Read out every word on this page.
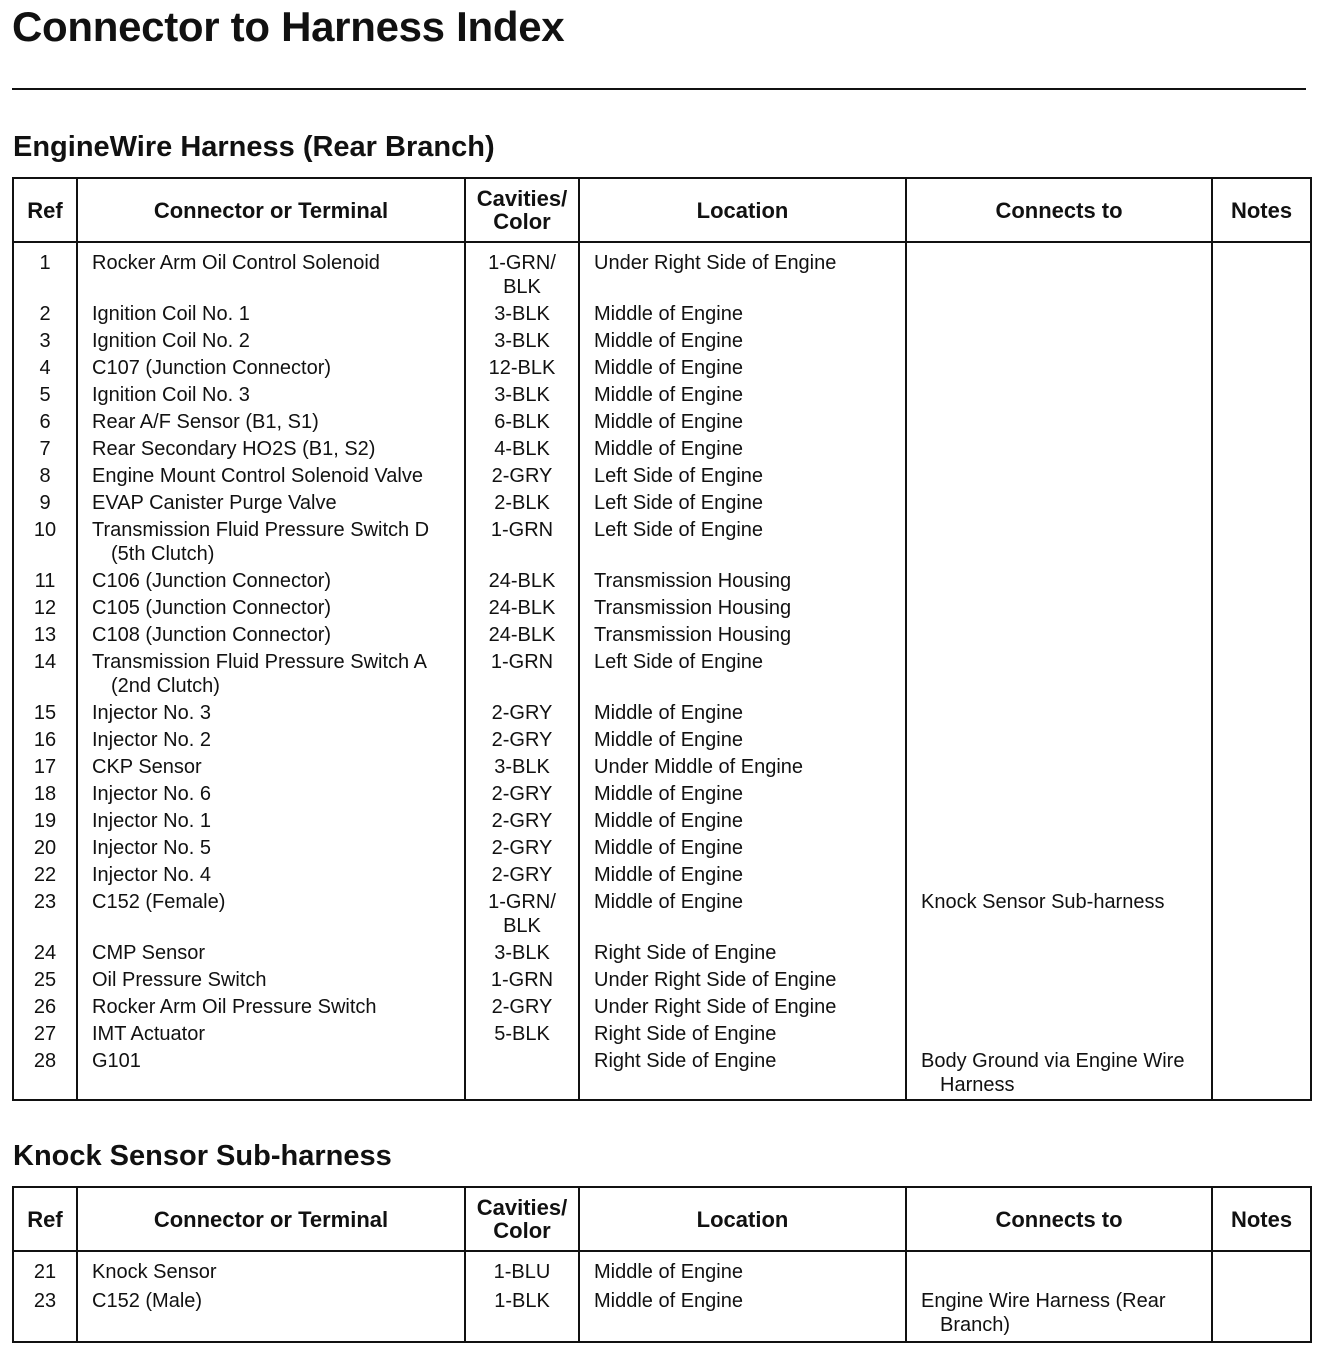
Connector to Harness Index
EngineWire Harness (Rear Branch)
Ref	Connector or Terminal	Cavities/ Color	Location	Connects to	Notes
1	Rocker Arm Oil Control Solenoid	1-GRN/ BLK	Under Right Side of Engine	

2	Ignition Coil No. 1	3-BLK	Middle of Engine	

3	Ignition Coil No. 2	3-BLK	Middle of Engine	

4	C107 (Junction Connector)	12-BLK	Middle of Engine	

5	Ignition Coil No. 3	3-BLK	Middle of Engine	

6	Rear A/F Sensor (B1, S1)	6-BLK	Middle of Engine	

7	Rear Secondary HO2S (B1, S2)	4-BLK	Middle of Engine	

8	Engine Mount Control Solenoid Valve	2-GRY	Left Side of Engine	

9	EVAP Canister Purge Valve	2-BLK	Left Side of Engine	

10	Transmission Fluid Pressure Switch D (5th Clutch)	1-GRN	Left Side of Engine	

11	C106 (Junction Connector)	24-BLK	Transmission Housing	

12	C105 (Junction Connector)	24-BLK	Transmission Housing	

13	C108 (Junction Connector)	24-BLK	Transmission Housing	

14	Transmission Fluid Pressure Switch A (2nd Clutch)	1-GRN	Left Side of Engine	

15	Injector No. 3	2-GRY	Middle of Engine	

16	Injector No. 2	2-GRY	Middle of Engine	

17	CKP Sensor	3-BLK	Under Middle of Engine	

18	Injector No. 6	2-GRY	Middle of Engine	

19	Injector No. 1	2-GRY	Middle of Engine	

20	Injector No. 5	2-GRY	Middle of Engine	

22	Injector No. 4	2-GRY	Middle of Engine	

23	C152 (Female)	1-GRN/ BLK	Middle of Engine	Knock Sensor Sub-harness	

24	CMP Sensor	3-BLK	Right Side of Engine	

25	Oil Pressure Switch	1-GRN	Under Right Side of Engine	

26	Rocker Arm Oil Pressure Switch	2-GRY	Under Right Side of Engine	

27	IMT Actuator	5-BLK	Right Side of Engine	

28	G101		Right Side of Engine	Body Ground via Engine Wire Harness	

Knock Sensor Sub-harness
Ref	Connector or Terminal	Cavities/ Color	Location	Connects to	Notes
21	Knock Sensor	1-BLU	Middle of Engine	

23	C152 (Male)	1-BLK	Middle of Engine	Engine Wire Harness (Rear Branch)	
